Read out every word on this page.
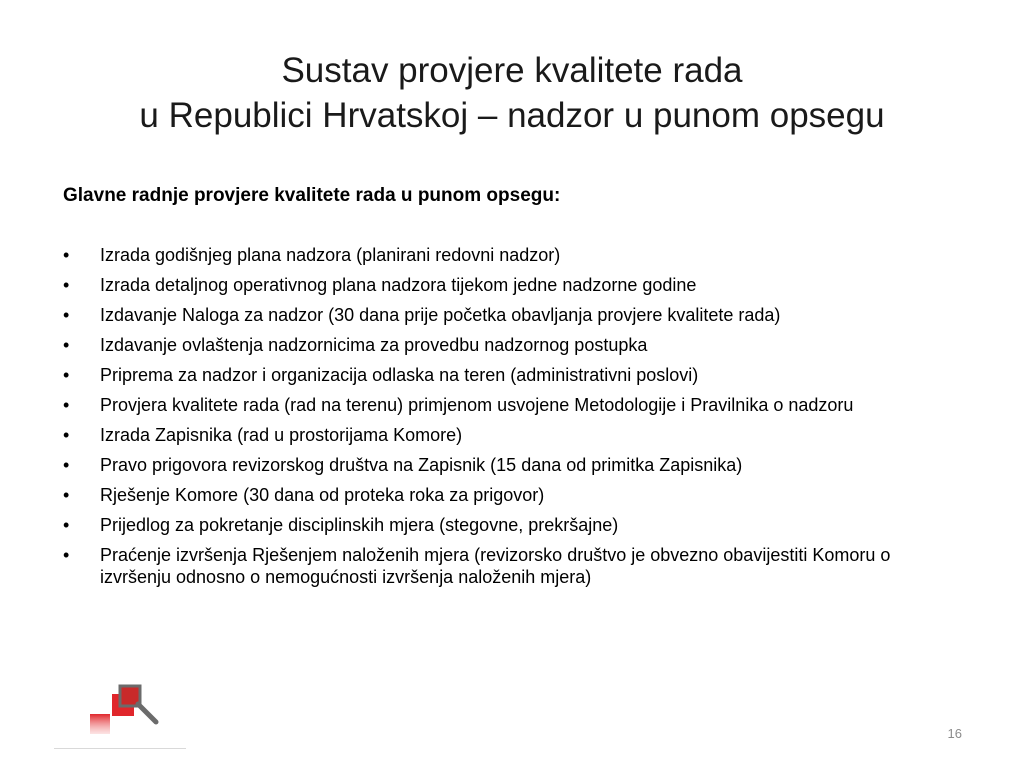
Sustav provjere kvalitete rada
u Republici Hrvatskoj – nadzor u punom opsegu
Glavne radnje provjere kvalitete rada u punom opsegu:
• Izrada godišnjeg plana nadzora (planirani redovni nadzor)
• Izrada detaljnog operativnog plana nadzora tijekom jedne nadzorne godine
• Izdavanje Naloga za nadzor (30 dana prije početka obavljanja provjere kvalitete rada)
• Izdavanje ovlaštenja nadzornicima za provedbu nadzornog postupka
• Priprema za nadzor i organizacija odlaska na teren (administrativni poslovi)
• Provjera kvalitete rada (rad na terenu) primjenom usvojene Metodologije i Pravilnika o nadzoru
• Izrada Zapisnika (rad u prostorijama Komore)
• Pravo prigovora revizorskog društva na Zapisnik (15 dana od primitka Zapisnika)
• Rješenje Komore (30 dana od proteka roka za prigovor)
• Prijedlog za pokretanje disciplinskih mjera (stegovne, prekršajne)
• Praćenje izvršenja Rješenjem naloženih mjera (revizorsko društvo je obvezno obavijestiti Komoru o izvršenju odnosno o nemogućnosti izvršenja naloženih mjera)
16
